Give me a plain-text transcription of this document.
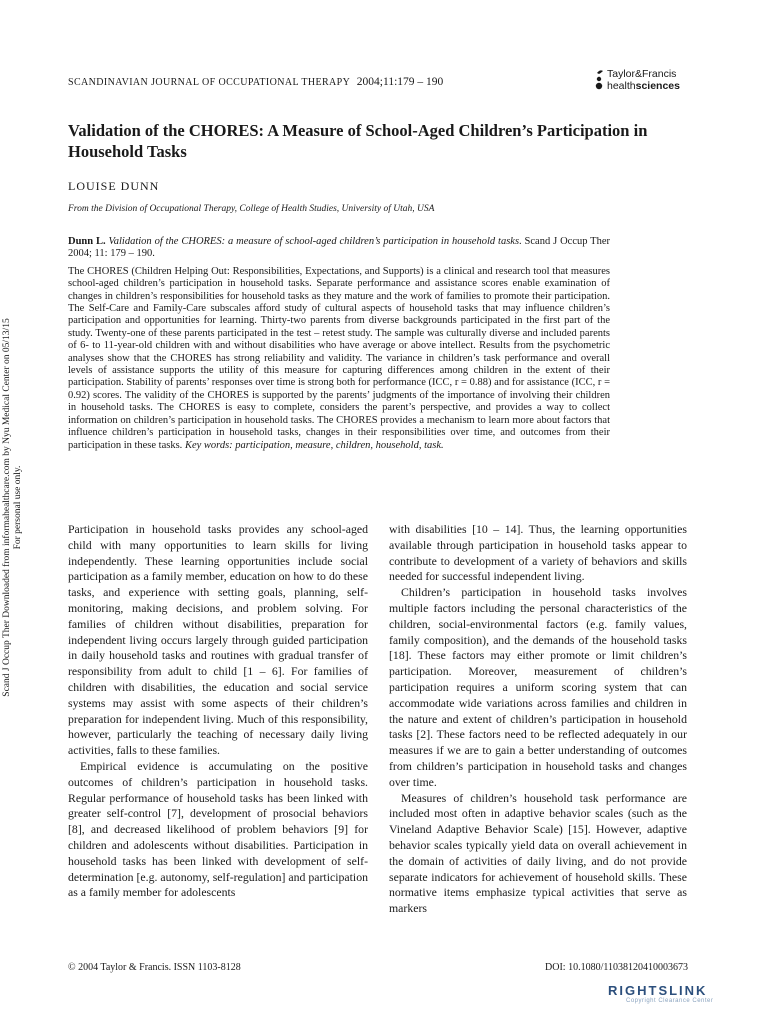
Scand J Occup Ther Downloaded from informahealthcare.com by Nyu Medical Center on 05/13/15 For personal use only.
SCANDINAVIAN JOURNAL OF OCCUPATIONAL THERAPY 2004;11:179 – 190
Taylor&Francis
healthsciences
Validation of the CHORES: A Measure of School-Aged Children’s Participation in Household Tasks
LOUISE DUNN
From the Division of Occupational Therapy, College of Health Studies, University of Utah, USA

Dunn L. Validation of the CHORES: a measure of school-aged children’s participation in household tasks. Scand J Occup Ther 2004; 11: 179 – 190.

The CHORES (Children Helping Out: Responsibilities, Expectations, and Supports) is a clinical and research tool that measures school-aged children’s participation in household tasks. Separate performance and assistance scores enable examination of changes in children’s responsibilities for household tasks as they mature and the work of families to promote their participation. The Self-Care and Family-Care subscales afford study of cultural aspects of household tasks that may influence children’s participation and opportunities for learning. Thirty-two parents from diverse backgrounds participated in the first part of the study. Twenty-one of these parents participated in the test – retest study. The sample was culturally diverse and included parents of 6- to 11-year-old children with and without disabilities who have average or above intellect. Results from the psychometric analyses show that the CHORES has strong reliability and validity. The variance in children’s task performance and overall levels of assistance supports the utility of this measure for capturing differences among children in the extent of their participation. Stability of parents’ responses over time is strong both for performance (ICC, r = 0.88) and for assistance (ICC, r = 0.92) scores. The validity of the CHORES is supported by the parents’ judgments of the importance of involving their children in household tasks. The CHORES is easy to complete, considers the parent’s perspective, and provides a way to collect information on children’s participation in household tasks. The CHORES provides a mechanism to learn more about factors that influence children’s participation in household tasks, changes in their responsibilities over time, and outcomes from their participation in these tasks. Key words: participation, measure, children, household, task.

Participation in household tasks provides any school-aged child with many opportunities to learn skills for living independently. These learning opportunities include social participation as a family member, education on how to do these tasks, and experience with setting goals, planning, self-monitoring, making decisions, and problem solving. For families of children without disabilities, preparation for independent living occurs largely through guided participation in daily household tasks and routines with gradual transfer of responsibility from adult to child [1 – 6]. For families of children with disabilities, the education and social service systems may assist with some aspects of their children’s preparation for independent living. Much of this responsibility, however, particularly the teaching of necessary daily living activities, falls to these families.

Empirical evidence is accumulating on the positive outcomes of children’s participation in household tasks. Regular performance of household tasks has been linked with greater self-control [7], development of prosocial behaviors [8], and decreased likelihood of problem behaviors [9] for children and adolescents without disabilities. Participation in household tasks has been linked with development of self-determination [e.g. autonomy, self-regulation] and participation as a family member for adolescents

with disabilities [10 – 14]. Thus, the learning opportunities available through participation in household tasks appear to contribute to development of a variety of behaviors and skills needed for successful independent living.

Children’s participation in household tasks involves multiple factors including the personal characteristics of the children, social-environmental factors (e.g. family values, family composition), and the demands of the household tasks [18]. These factors may either promote or limit children’s participation. Moreover, measurement of children’s participation requires a uniform scoring system that can accommodate wide variations across families and children in the nature and extent of children’s participation in household tasks [2]. These factors need to be reflected adequately in our measures if we are to gain a better understanding of outcomes from children’s participation in household tasks and changes over time.

Measures of children’s household task performance are included most often in adaptive behavior scales (such as the Vineland Adaptive Behavior Scale) [15]. However, adaptive behavior scales typically yield data on overall achievement in the domain of activities of daily living, and do not provide separate indicators for achievement of household skills. These normative items emphasize typical activities that serve as markers

© 2004 Taylor & Francis. ISSN 1103-8128	DOI: 10.1080/11038120410003673
RIGHTSLINK
Copyright Clearance Center
